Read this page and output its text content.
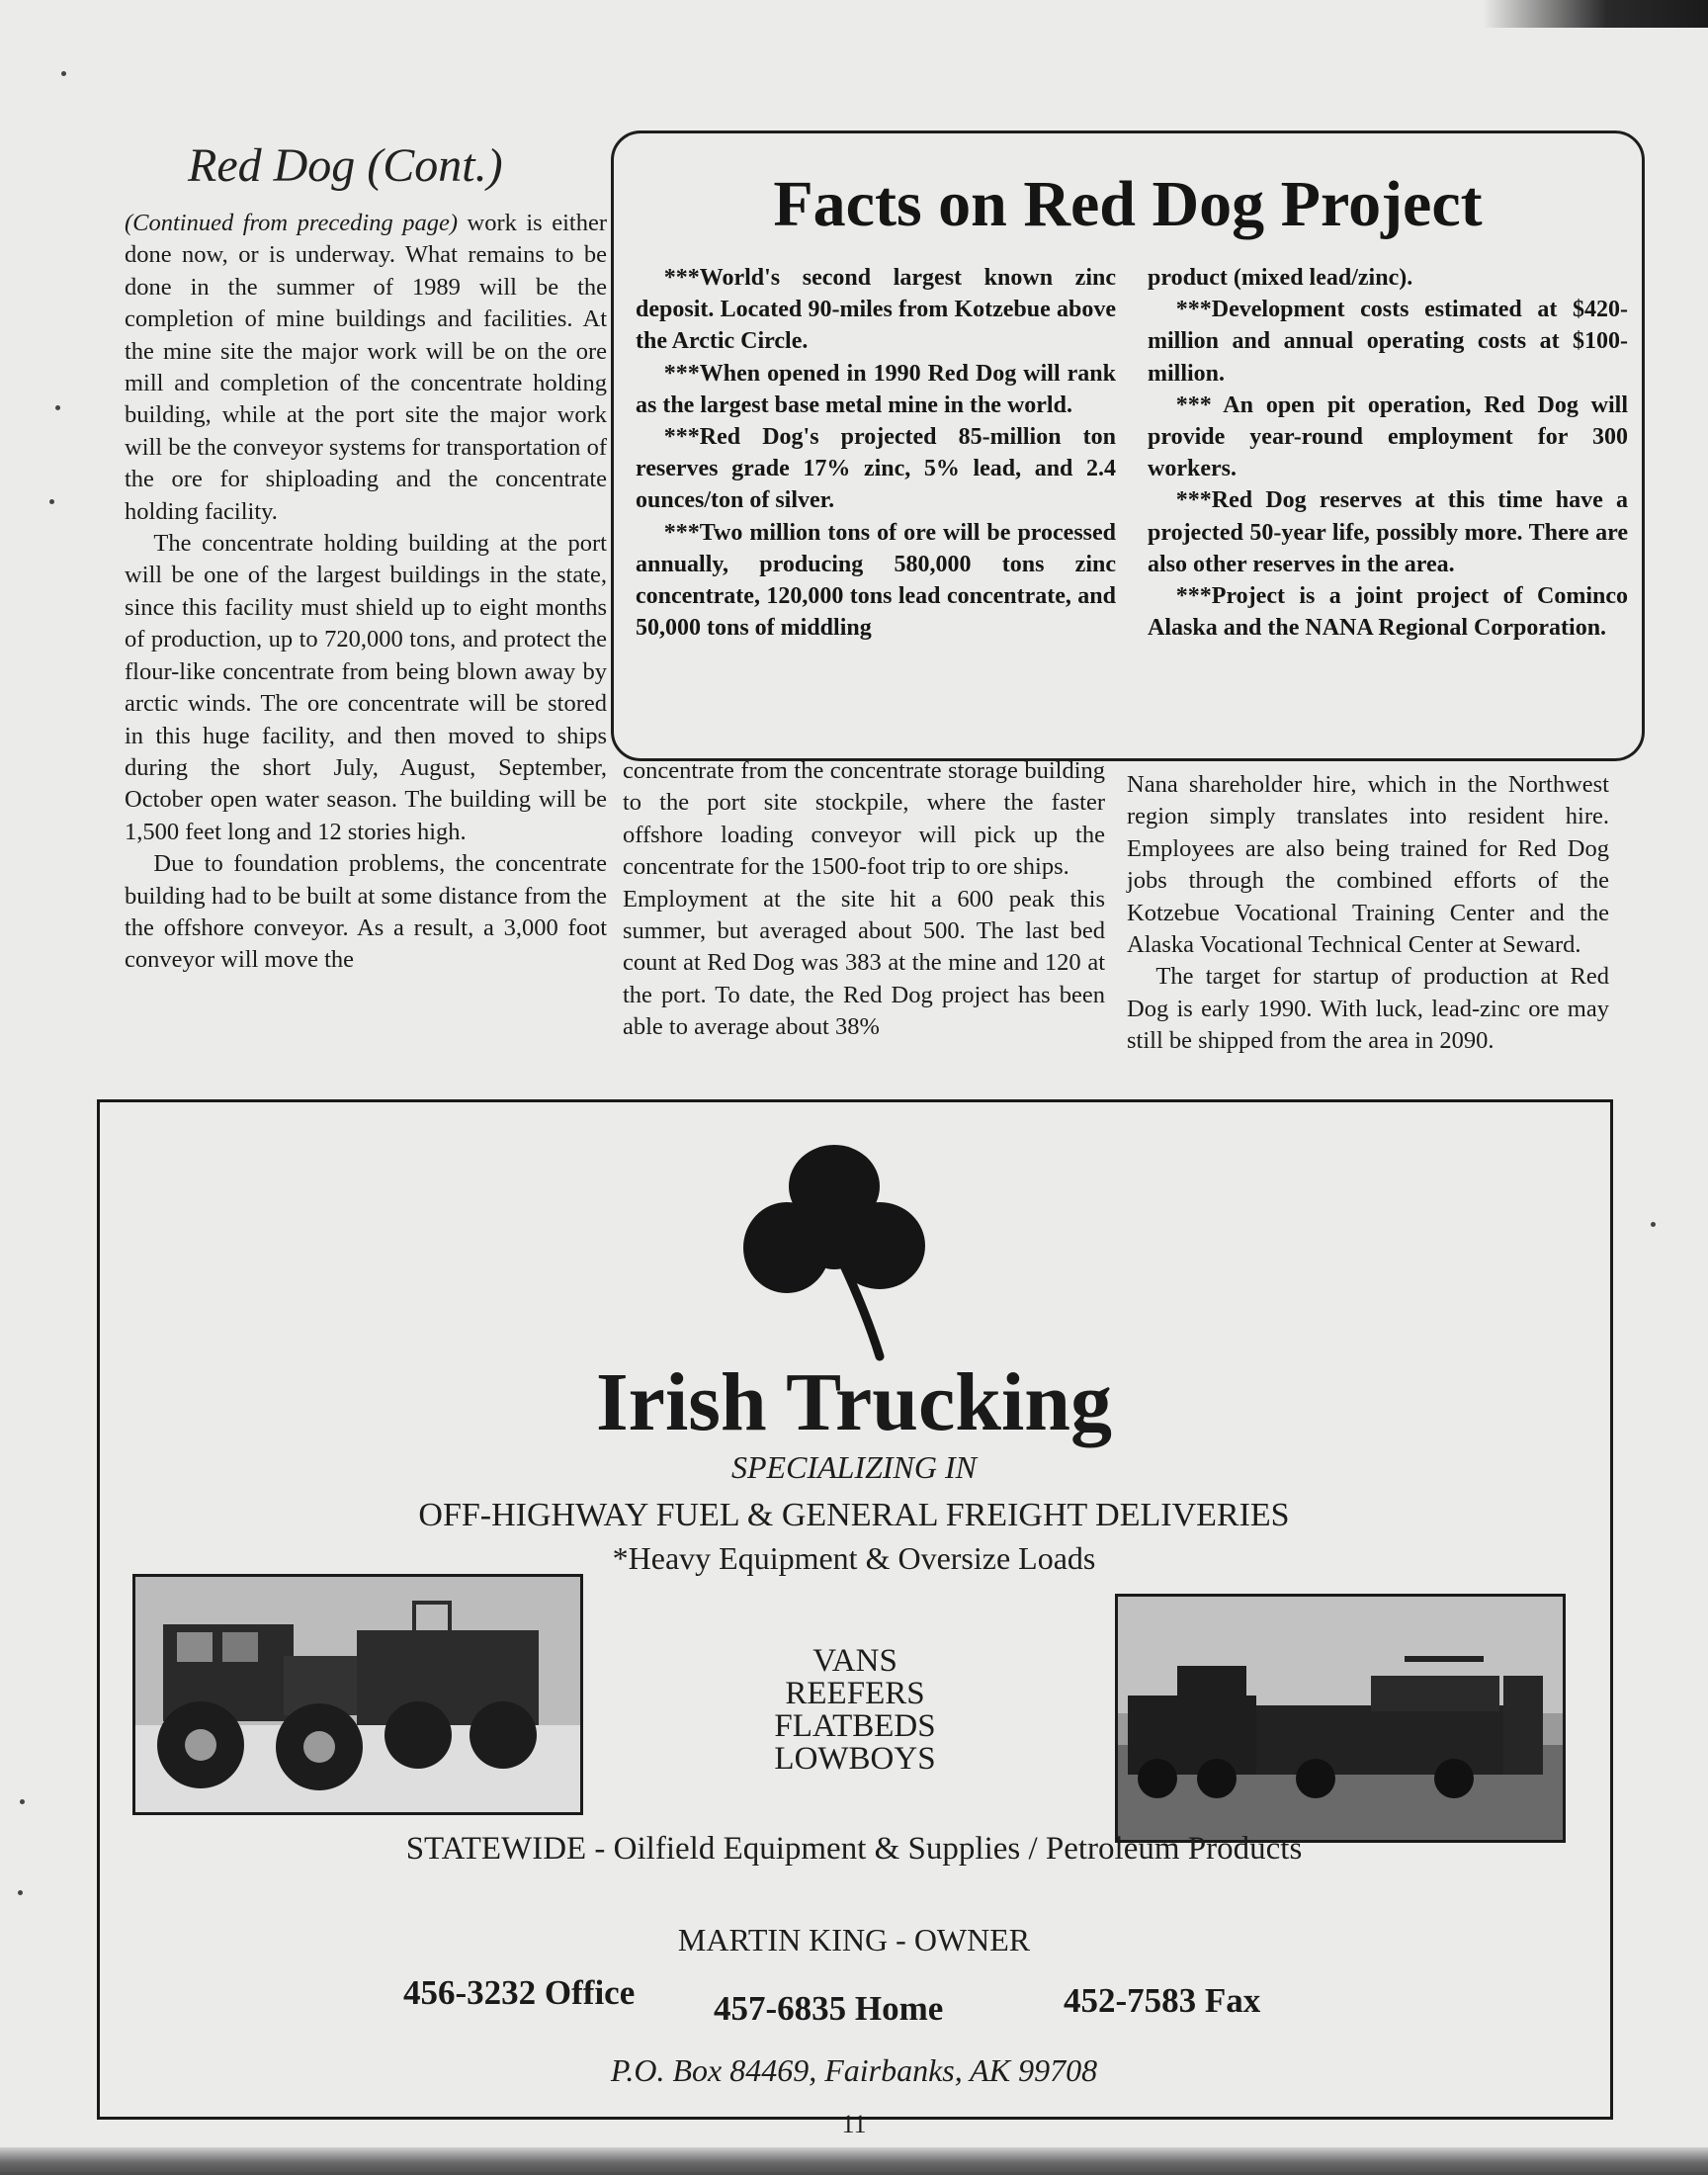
Red Dog (Cont.)

(Continued from preceding page) work is either done now, or is underway. What remains to be done in the summer of 1989 will be the completion of mine buildings and facilities. At the mine site the major work will be on the ore mill and completion of the concentrate holding building, while at the port site the major work will be the conveyor systems for transportation of the ore for shiploading and the concentrate holding facility.

The concentrate holding building at the port will be one of the largest buildings in the state, since this facility must shield up to eight months of production, up to 720,000 tons, and protect the flour-like concentrate from being blown away by arctic winds. The ore concentrate will be stored in this huge facility, and then moved to ships during the short July, August, September, October open water season. The building will be 1,500 feet long and 12 stories high.

Due to foundation problems, the concentrate building had to be built at some distance from the the offshore conveyor. As a result, a 3,000 foot conveyor will move the

Facts on Red Dog Project

***World's second largest known zinc deposit. Located 90-miles from Kotzebue above the Arctic Circle.

***When opened in 1990 Red Dog will rank as the largest base metal mine in the world.

***Red Dog's projected 85-million ton reserves grade 17% zinc, 5% lead, and 2.4 ounces/ton of silver.

***Two million tons of ore will be processed annually, producing 580,000 tons zinc concentrate, 120,000 tons lead concentrate, and 50,000 tons of middling

product (mixed lead/zinc).

***Development costs estimated at $420-million and annual operating costs at $100-million.

*** An open pit operation, Red Dog will provide year-round employment for 300 workers.

***Red Dog reserves at this time have a projected 50-year life, possibly more. There are also other reserves in the area.

***Project is a joint project of Cominco Alaska and the NANA Regional Corporation.

concentrate from the concentrate storage building to the port site stockpile, where the faster offshore loading conveyor will pick up the concentrate for the 1500-foot trip to ore ships.

Employment at the site hit a 600 peak this summer, but averaged about 500. The last bed count at Red Dog was 383 at the mine and 120 at the port. To date, the Red Dog project has been able to average about 38%

Nana shareholder hire, which in the Northwest region simply translates into resident hire. Employees are also being trained for Red Dog jobs through the combined efforts of the Kotzebue Vocational Training Center and the Alaska Vocational Technical Center at Seward.

The target for startup of production at Red Dog is early 1990. With luck, lead-zinc ore may still be shipped from the area in 2090.

Irish Trucking
SPECIALIZING IN
OFF-HIGHWAY FUEL & GENERAL FREIGHT DELIVERIES
*Heavy Equipment & Oversize Loads
VANS
REEFERS
FLATBEDS
LOWBOYS
STATEWIDE - Oilfield Equipment & Supplies / Petroleum Products
MARTIN KING - OWNER
456-3232 Office 457-6835 Home	452-7583 Fax
P.O. Box 84469, Fairbanks, AK 99708
11
